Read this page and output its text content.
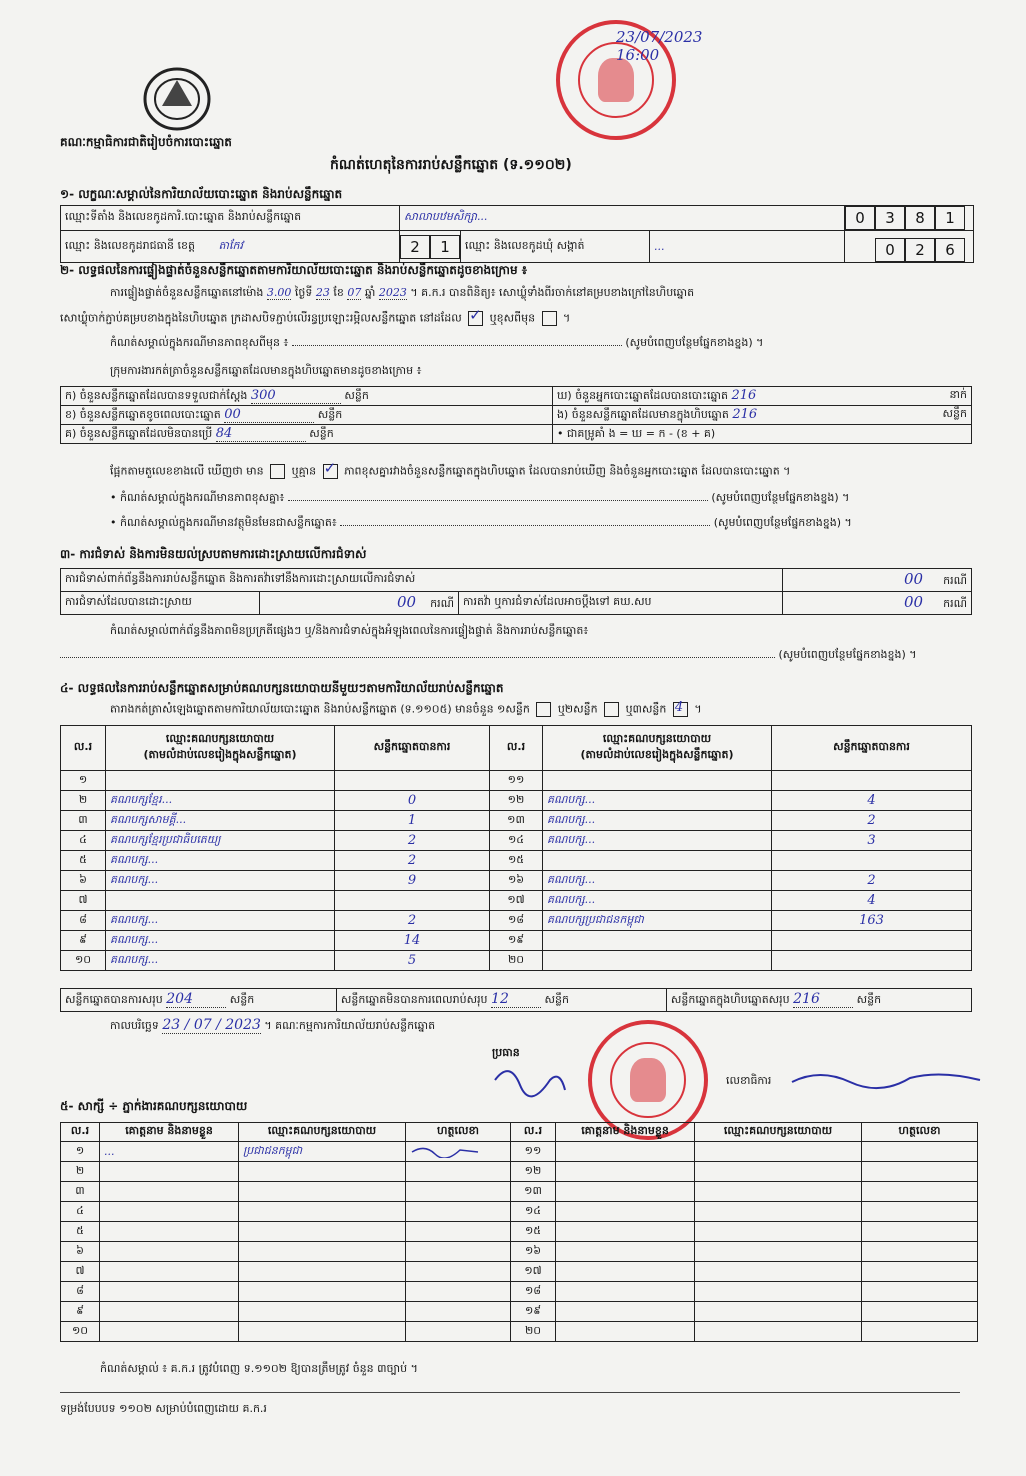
គណៈកម្មាធិការជាតិរៀបចំការបោះឆ្នោត
កំណត់ហេតុនៃការរាប់សន្លឹកឆ្នោត (ទ.១១០២)
23/07/2023
16:00
១- លក្ខណៈសម្គាល់នៃការិយាល័យបោះឆ្នោត និងរាប់សន្លឹកឆ្នោត
ឈ្មោះទីតាំង និងលេខកូដការិ.បោះឆ្នោត និងរាប់សន្លឹកឆ្នោត	សាលាបឋមសិក្សា...			0 3 8 1
ឈ្មោះ និងលេខកូដរាជធានី ខេត្ត តាកែវ	2 1	ឈ្មោះ និងលេខកូដឃុំ សង្កាត់	...	0 2 6
២- លទ្ធផលនៃការផ្ទៀងផ្ទាត់ចំនួនសន្លឹកឆ្នោតតាមការិយាល័យបោះឆ្នោត និងរាប់សន្លឹកឆ្នោតដូចខាងក្រោម ៖
ការផ្ទៀងផ្ទាត់ចំនួនសន្លឹកឆ្នោតនៅម៉ោង 3.00 ថ្ងៃទី 23 ខែ 07 ឆ្នាំ 2023 ។ គ.ក.រ បានពិនិត្យ៖ សោឃ្លុំទាំងពីរចាក់នៅគម្របខាងក្រៅនៃហិបឆ្នោត
សោឃ្លុំចាក់ភ្ជាប់គម្របខាងក្នុងនៃហិបឆ្នោត ក្រដាសបិទភ្ជាប់លើរន្ធប្រឡោះរម្អិលសន្លឹកឆ្នោត នៅដដែល ✓	ឬខុសពីមុន  ។
កំណត់សម្គាល់ក្នុងករណីមានភាពខុសពីមុន ៖	(សូមបំពេញបន្ថែមផ្នែកខាងខ្នង) ។
ក្រុមការងារកត់ត្រាចំនួនសន្លឹកឆ្នោតដែលមានក្នុងហិបឆ្នោតមានដូចខាងក្រោម ៖
ក) ចំនួនសន្លឹកឆ្នោតដែលបានទទួលជាក់ស្តែង 300 សន្លឹក	ឃ) ចំនួនអ្នកបោះឆ្នោតដែលបានបោះឆ្នោត 216 នាក់

ខ) ចំនួនសន្លឹកឆ្នោតខូចពេលបោះឆ្នោត 00 សន្លឹក	ង) ចំនួនសន្លឹកឆ្នោតដែលមានក្នុងហិបឆ្នោត 216 សន្លឹក

គ) ចំនួនសន្លឹកឆ្នោតដែលមិនបានប្រើ 84 សន្លឹក	• ជាគម្រូគាំ ង = ឃ = ក - (ខ + គ)
ផ្អែកតាមតួលេខខាងលើ ឃើញថា មាន	ឬគ្មាន ✓	ភាពខុសគ្នារវាងចំនួនសន្លឹកឆ្នោតក្នុងហិបឆ្នោត ដែលបានរាប់ឃើញ និងចំនួនអ្នកបោះឆ្នោត ដែលបានបោះឆ្នោត ។
• កំណត់សម្គាល់ក្នុងករណីមានភាពខុសគ្នា៖	(សូមបំពេញបន្ថែមផ្នែកខាងខ្នង) ។
• កំណត់សម្គាល់ក្នុងករណីមានវត្ថុមិនមែនជាសន្លឹកឆ្នោត៖	(សូមបំពេញបន្ថែមផ្នែកខាងខ្នង) ។
៣- ការជំទាស់ និងការមិនយល់ស្របតាមការដោះស្រាយលើការជំទាស់
ការជំទាស់ពាក់ព័ន្ធនឹងការរាប់សន្លឹកឆ្នោត និងការតវ៉ាទៅនឹងការដោះស្រាយលើការជំទាស់			00 ករណី
ការជំទាស់ដែលបានដោះស្រាយ	00 ករណី	ការតវ៉ា ឬការជំទាស់ដែលអាចប្ដឹងទៅ គឃ.សប	00 ករណី
កំណត់សម្គាល់ពាក់ព័ន្ធនឹងភាពមិនប្រក្រតីផ្សេងៗ ឬ/និងការជំទាស់ក្នុងអំឡុងពេលនៃការផ្ទៀងផ្ទាត់ និងការរាប់សន្លឹកឆ្នោត៖
(សូមបំពេញបន្ថែមផ្នែកខាងខ្នង) ។
៤- លទ្ធផលនៃការរាប់សន្លឹកឆ្នោតសម្រាប់គណបក្សនយោបាយនីមួយៗតាមការិយាល័យរាប់សន្លឹកឆ្នោត
តារាងកត់ត្រាសំឡេងឆ្នោតតាមការិយាល័យបោះឆ្នោត និងរាប់សន្លឹកឆ្នោត (ទ.១១០៥) មានចំនួន ១សន្លឹក	ឬ២សន្លឹក	ឬ៣សន្លឹក 4 ។
ល.រ	ឈ្មោះគណបក្សនយោបាយ
(តាមលំដាប់លេខរៀងក្នុងសន្លឹកឆ្នោត)	សន្លឹកឆ្នោតបានការ	ល.រ	ឈ្មោះគណបក្សនយោបាយ
(តាមលំដាប់លេខរៀងក្នុងសន្លឹកឆ្នោត)	សន្លឹកឆ្នោតបានការ
១			១១		
២	គណបក្សខ្មែរ...	0	១២	គណបក្ស...	4
៣	គណបក្សសាមគ្គី...	1	១៣	គណបក្ស...	2
៤	គណបក្សខ្មែរប្រជាធិបតេយ្យ	2	១៤	គណបក្ស...	3
៥	គណបក្ស...	2	១៥		
៦	គណបក្ស...	9	១៦	គណបក្ស...	2
៧			១៧	គណបក្ស...	4
៨	គណបក្ស...	2	១៨	គណបក្សប្រជាជនកម្ពុជា	163
៩	គណបក្ស...	14	១៩		
១០	គណបក្ស...	5	២០		
សន្លឹកឆ្នោតបានការសរុប 204	សន្លឹក	សន្លឹកឆ្នោតមិនបានការពេលរាប់សរុប 12	សន្លឹក	សន្លឹកឆ្នោតក្នុងហិបឆ្នោតសរុប 216	សន្លឹក
កាលបរិច្ឆេទ 23 / 07 / 2023 ។ គណៈកម្មការការិយាល័យរាប់សន្លឹកឆ្នោត
ប្រធាន
លេខាធិការ
៥- សាក្សី ÷ ភ្នាក់ងារគណបក្សនយោបាយ
ល.រ	គោត្តនាម និងនាមខ្លួន	ឈ្មោះគណបក្សនយោបាយ	ហត្ថលេខា	ល.រ	គោត្តនាម និងនាមខ្លួន	ឈ្មោះគណបក្សនយោបាយ	ហត្ថលេខា
១	...	ប្រជាជនកម្ពុជា		១១			
២				១២			
៣				១៣			
៤				១៤			
៥				១៥			
៦				១៦			
៧				១៧			
៨				១៨			
៩				១៩			
១០				២០			
កំណត់សម្គាល់ ៖ គ.ក.រ ត្រូវបំពេញ ទ.១១០២ ឱ្យបានត្រឹមត្រូវ ចំនួន ៣ច្បាប់ ។
ទម្រង់បែបបទ ១១០២ សម្រាប់បំពេញដោយ គ.ក.រ
